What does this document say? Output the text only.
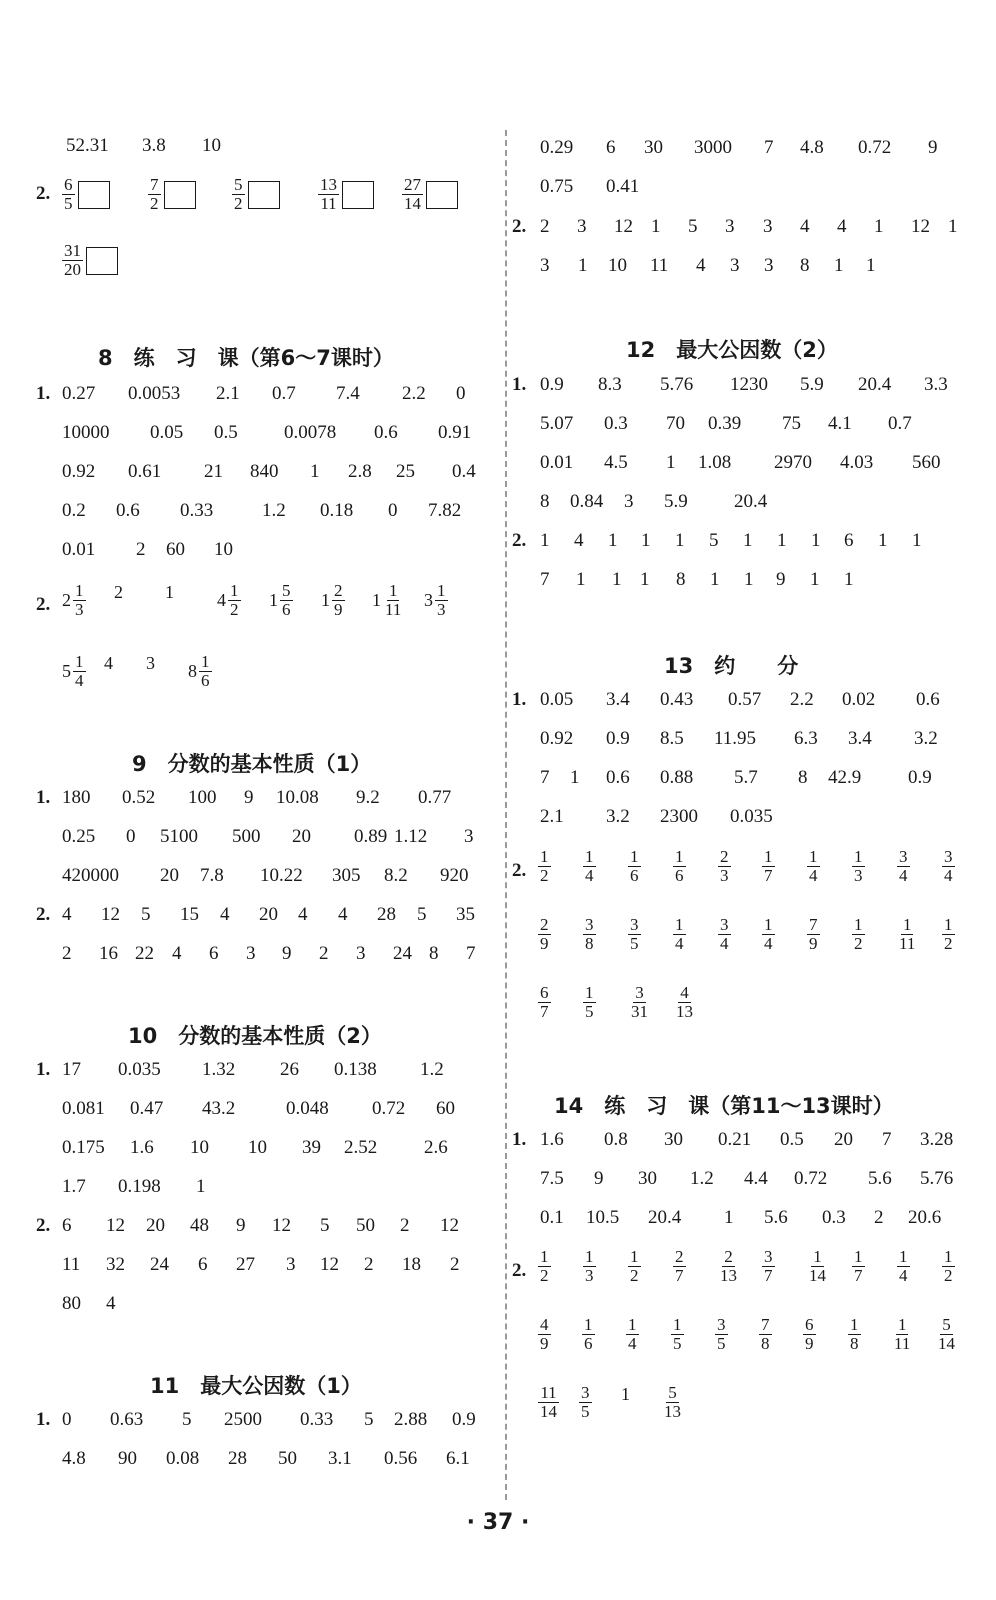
52.31 3.8 10
2. $\frac{6}{5}$	$\frac{7}{2}$	$\frac{5}{2}$	$\frac{13}{11}$	$\frac{27}{14}$
$\frac{31}{20}$
8　练　习　课（第6～7课时）
1. 0.27 0.0053 2.1 0.7 7.4 2.2 0
10000 0.05 0.5 0.0078 0.6 0.91
0.92 0.61 21 840 1 2.8 25 0.4
0.2 0.6 0.33	1.2 0.18 0 7.82
0.01 2 60 10
2. $2 \frac{1}{3} 2$ 1 $4 \frac{1}{2} 1 \frac{5}{6} 1 \frac{2}{9} 1 \frac{1}{11} 3 \frac{1}{3}$
$5 \frac{1}{4} 4$ 3 $8 \frac{1}{6}$
9　分数的基本性质（1）
1. 180 0.52 100 9 10.08 9.2 0.77
0.25 0 5100 500 20 0.89 1.12 3
420000 20 7.8 10.22 305 8.2 920
2. 4 12 5 15 4 20 4 4 28 5 35
2 16 22 4 6 3 9 2 3 24 8 7
10　分数的基本性质（2）
1. 17 0.035 1.32 26 0.138 1.2
0.081 0.47 43.2	0.048 0.72 60
0.175 1.6 10 10 39 2.52 2.6
1.7 0.198 1
2. 6 12 20 48 9 12 5 50 2 12
11 32 24 6 27 3 12 2 18 2
80 4
11　最大公因数（1）
1. 0 0.63 5 2500 0.33 5 2.88 0.9
4.8 90 0.08 28 50 3.1 0.56 6.1
0.29 6 30 3000 7 4.8 0.72 9
0.75 0.41
2. 2 3 12 1 5 3 3 4 4 1 12 1
3 1 10 11 4 3 3 8 1 1
12　最大公因数（2）
1. 0.9 8.3 5.76 1230 5.9 20.4 3.3
5.07 0.3 70 0.39 75 4.1 0.7
0.01 4.5 1 1.08 2970 4.03 560
8 0.84 3 5.9 20.4
2. 1 4 1 1 1 5 1 1 1 6 1 1
7 1 1 1 8 1 1 9 1 1
13　约　　分
1. 0.05 3.4 0.43 0.57 2.2 0.02 0.6
0.92 0.9 8.5 11.95 6.3 3.4 3.2
7 1 0.6 0.88 5.7 8 42.9 0.9
2.1 3.2 2300 0.035
2. $\frac{1}{2} \frac{1}{4} \frac{1}{6} \frac{1}{6} \frac{2}{3} \frac{1}{7} \frac{1}{4} \frac{1}{3} \frac{3}{4} \frac{3}{4}$
$\frac{2}{9} \frac{3}{8} \frac{3}{5} \frac{1}{4} \frac{3}{4} \frac{1}{4} \frac{7}{9} \frac{1}{2} \frac{1}{11} \frac{1}{2}$
$\frac{6}{7} \frac{1}{5} \frac{3}{31} \frac{4}{13}$
14　练　习　课（第11～13课时）
1. 1.6 0.8 30 0.21 0.5 20 7 3.28
7.5 9 30 1.2 4.4 0.72 5.6 5.76
0.1 10.5 20.4 1 5.6 0.3 2 20.6
2. $\frac{1}{2} \frac{1}{3} \frac{1}{2} \frac{2}{7} \frac{2}{13} \frac{3}{7} \frac{1}{14} \frac{1}{7} \frac{1}{4} \frac{1}{2}$
$\frac{4}{9} \frac{1}{6} \frac{1}{4} \frac{1}{5} \frac{3}{5} \frac{7}{8} \frac{6}{9} \frac{1}{8} \frac{1}{11} \frac{5}{14}$
$\frac{11}{14} \frac{3}{5} 1 \frac{5}{13}$
· 37 ·
